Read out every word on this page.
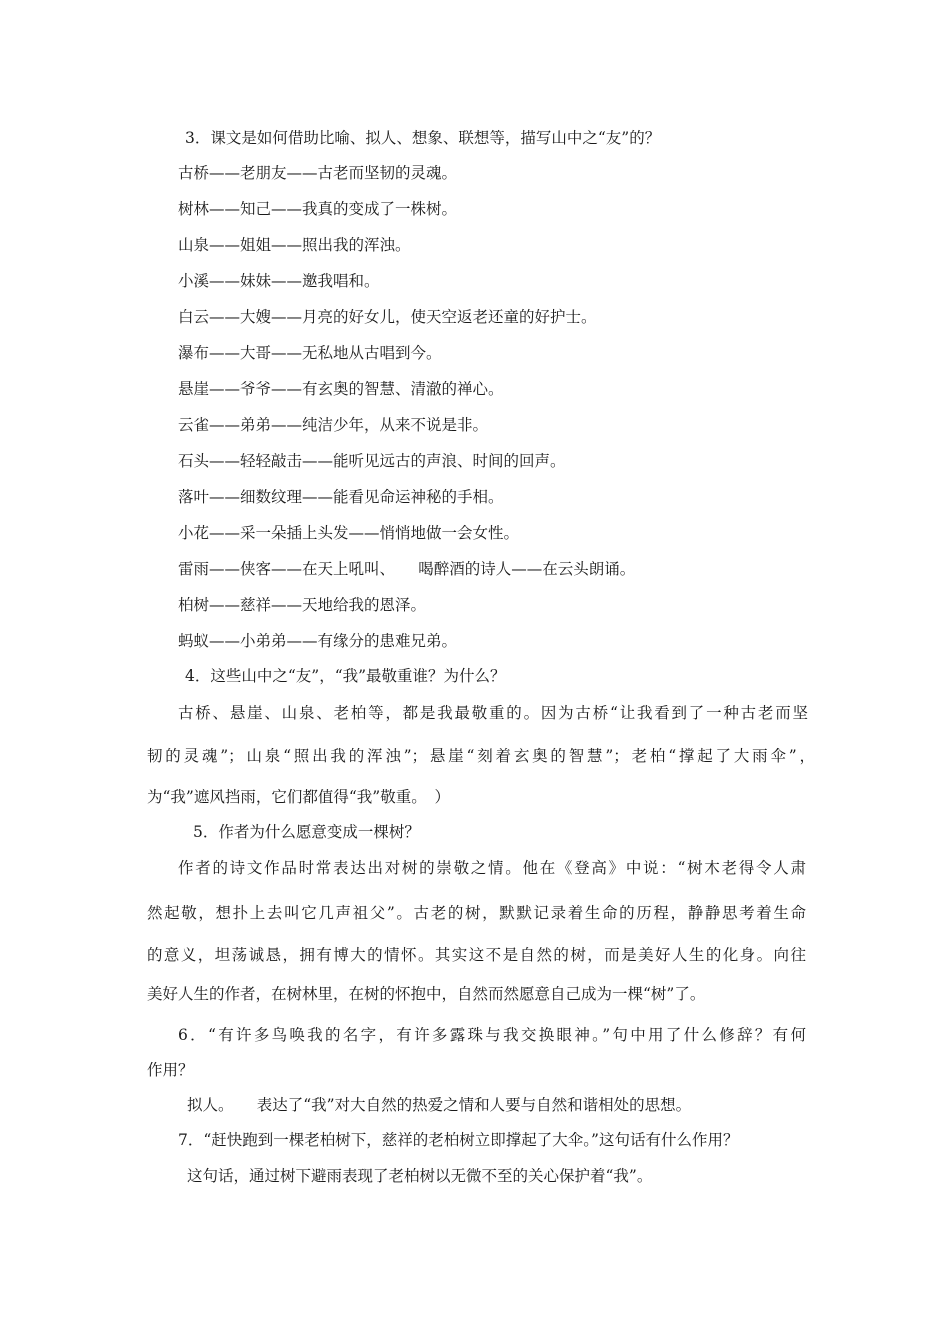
3．课文是如何借助比喻、拟人、想象、联想等，描写山中之“友”的？
古桥——老朋友——古老而坚韧的灵魂。
树林——知己——我真的变成了一株树。
山泉——姐姐——照出我的浑浊。
小溪——妹妹——邀我唱和。
白云——大嫂——月亮的好女儿，使天空返老还童的好护士。
瀑布——大哥——无私地从古唱到今。
悬崖——爷爷——有玄奥的智慧、清澈的禅心。
云雀——弟弟——纯洁少年，从来不说是非。
石头——轻轻敲击——能听见远古的声浪、时间的回声。
落叶——细数纹理——能看见命运神秘的手相。
小花——采一朵插上头发——悄悄地做一会女性。
雷雨——侠客——在天上吼叫、　　喝醉酒的诗人——在云头朗诵。
柏树——慈祥——天地给我的恩泽。
蚂蚁——小弟弟——有缘分的患难兄弟。
4．这些山中之“友”，“我”最敬重谁？为什么？
古桥、悬崖、山泉、老柏等，都是我最敬重的。因为古桥“让我看到了一种古老而坚
韧的灵魂”；山泉“照出我的浑浊”；悬崖“刻着玄奥的智慧”；老柏“撑起了大雨伞”，
为“我”遮风挡雨，它们都值得“我”敬重。　）
5．作者为什么愿意变成一棵树？
作者的诗文作品时常表达出对树的崇敬之情。他在《登高》中说：“树木老得令人肃
然起敬，想扑上去叫它几声祖父”。古老的树，默默记录着生命的历程，静静思考着生命
的意义，坦荡诚恳，拥有博大的情怀。其实这不是自然的树，而是美好人生的化身。向往
美好人生的作者，在树林里，在树的怀抱中，自然而然愿意自己成为一棵“树”了。
6．“有许多鸟唤我的名字，有许多露珠与我交换眼神。”句中用了什么修辞？有何
作用？
拟人。　　表达了“我”对大自然的热爱之情和人要与自然和谐相处的思想。
7．“赶快跑到一棵老柏树下，慈祥的老柏树立即撑起了大伞。”这句话有什么作用？
这句话，通过树下避雨表现了老柏树以无微不至的关心保护着“我”。
